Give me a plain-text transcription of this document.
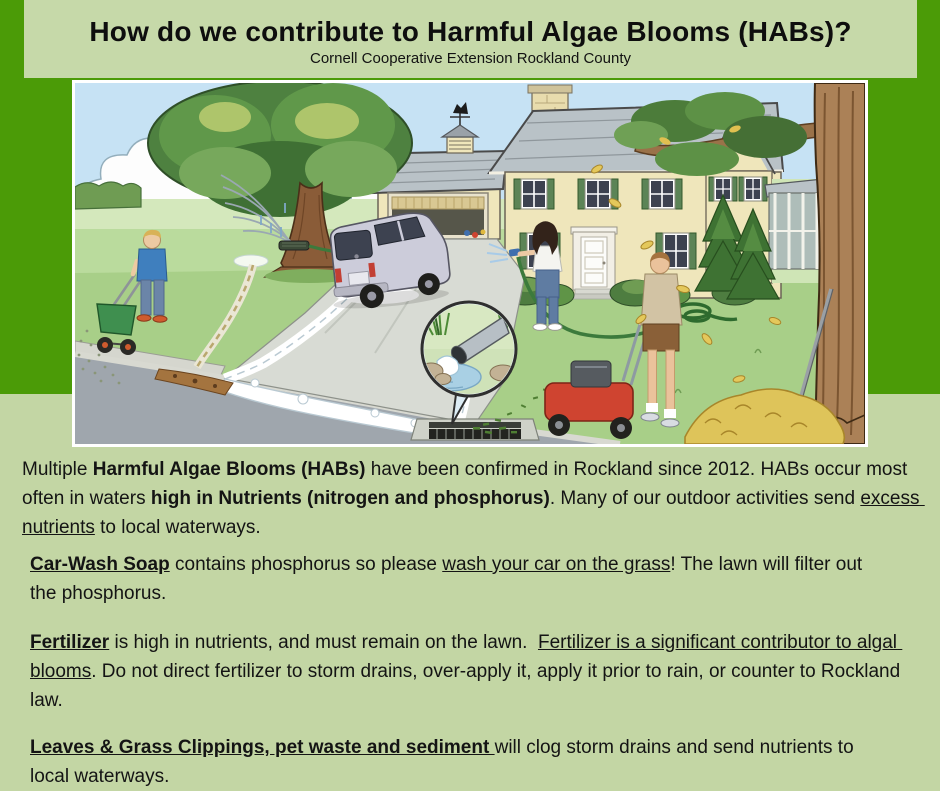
How do we contribute to Harmful Algae Blooms (HABs)?
Cornell Cooperative Extension Rockland County

Multiple Harmful Algae Blooms (HABs) have been confirmed in Rockland since 2012. HABs occur most often in waters high in Nutrients (nitrogen and phosphorus). Many of our outdoor activities send excess nutrients to local waterways.

Car-Wash Soap contains phosphorus so please wash your car on the grass! The lawn will filter out the phosphorus.

Fertilizer is high in nutrients, and must remain on the lawn.  Fertilizer is a significant contributor to algal blooms. Do not direct fertilizer to storm drains, over-apply it, apply it prior to rain, or counter to Rockland law.

Leaves & Grass Clippings, pet waste and sediment will clog storm drains and send nutrients to local waterways.
